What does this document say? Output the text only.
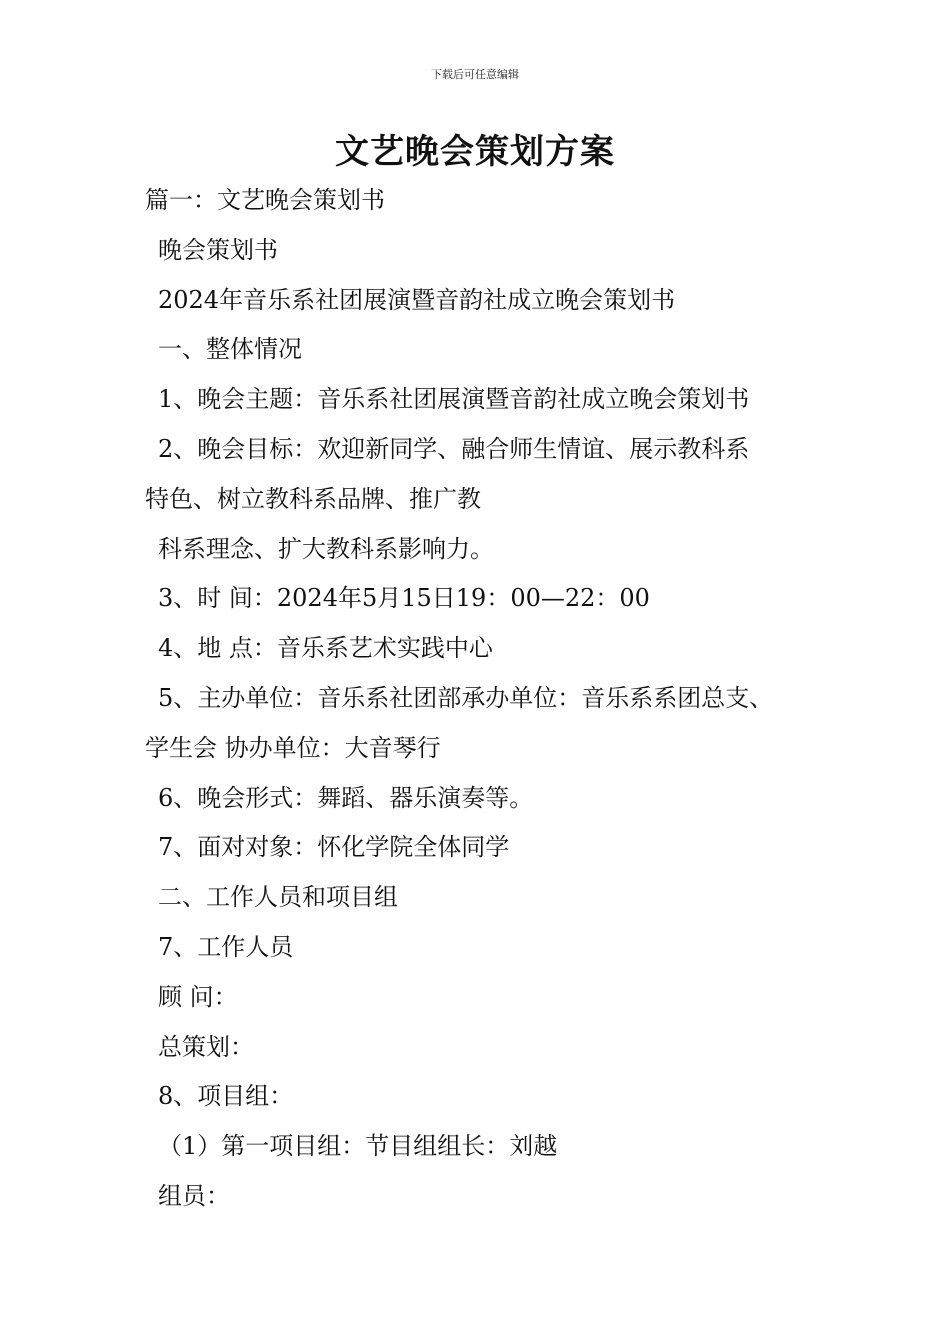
下载后可任意编辑
文艺晚会策划方案
篇一：文艺晚会策划书
晚会策划书
2024年音乐系社团展演暨音韵社成立晚会策划书
一、整体情况
1、晚会主题：音乐系社团展演暨音韵社成立晚会策划书
2、晚会目标：欢迎新同学、融合师生情谊、展示教科系
特色、树立教科系品牌、推广教
科系理念、扩大教科系影响力。
3、时 间：2024年5月15日19：00—22：00
4、地 点：音乐系艺术实践中心
5、主办单位：音乐系社团部承办单位：音乐系系团总支、
学生会 协办单位：大音琴行
6、晚会形式：舞蹈、器乐演奏等。
7、面对对象：怀化学院全体同学
二、工作人员和项目组
7、工作人员
顾 问：
总策划：
8、项目组：
（1）第一项目组：节目组组长：刘越
组员：
